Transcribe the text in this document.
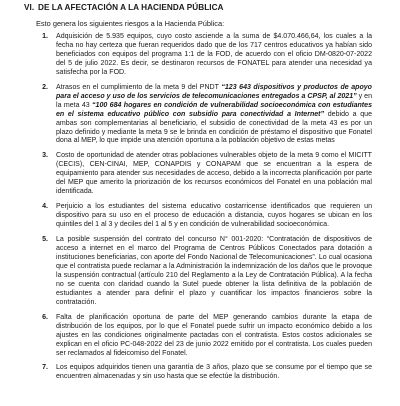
VI. DE LA AFECTACIÓN A LA HACIENDA PÚBLICA
Esto genera los siguientes riesgos a la Hacienda Pública:
1.	Adquisición de 5.935 equipos, cuyo costo asciende a la suma de $4.070.466,64, los cuales a la fecha no hay certeza que fueran requeridos dado que de los 717 centros educativos ya habían sido beneficiados con equipos del programa 1:1 de la FOD, de acuerdo con el oficio DM-0820-07-2022 del 5 de julio 2022. Es decir, se destinaron recursos de FONATEL para atender una necesidad ya satisfecha por la FOD.
2.	Atrasos en el cumplimiento de la meta 9 del PNDT “123 643 dispositivos y productos de apoyo para el acceso y uso de los servicios de telecomunicaciones entregados a CPSP, al 2021” y en la meta 43 “100 684 hogares en condición de vulnerabilidad socioeconómica con estudiantes en el sistema educativo público con subsidio para conectividad a Internet” debido a que ambas son complementarias al beneficiario, el subsidio de conectividad de la meta 43 es por un plazo definido y mediante la meta 9 se le brinda en condición de préstamo el dispositivo que Fonatel dona al MEP, lo que impide una atención oportuna a la población objetivo de estas metas
3.	Costo de oportunidad de atender otras poblaciones vulnerables objeto de la meta 9 como el MICITT (CECIS), CEN-CINAI, MEP, CONAPDIS y CONAPAM que se encuentran a la espera de equipamiento para atender sus necesidades de acceso, debido a la incorrecta planificación por parte del MEP que amerito la priorización de los recursos económicos del Fonatel en una población mal identificada.
4.	Perjuicio a los estudiantes del sistema educativo costarricense identificados que requieren un dispositivo para su uso en el proceso de educación a distancia, cuyos hogares se ubican en los quintiles del 1 al 3 y deciles del 1 al 5 y en condición de vulnerabilidad socioeconómica.
5.	La posible suspensión del contrato del concurso N° 001-2020: “Contratación de dispositivos de acceso a internet en el marco del Programa de Centros Públicos Conectados para dotación a instituciones beneficiarias, con aporte del Fondo Nacional de Telecomunicaciones”. Lo cual ocasiona que el contratista puede reclamar a la Administración la indemnización de los daños que le provoque la suspensión contractual (artículo 210 del Reglamento a la Ley de Contratación Pública). A la fecha no se cuenta con claridad cuando la Sutel puede obtener la lista definitiva de la población de estudiantes a atender para definir el plazo y cuantificar los impactos financieros sobre la contratación.
6.	Falta de planificación oportuna de parte del MEP generando cambios durante la etapa de distribución de los equipos, por lo que el Fonatel puede sufrir un impacto económico debido a los ajustes en las condiciones originalmente pactadas con el contratista. Estos costos adicionales se explican en el oficio PC-048-2022 del 23 de junio 2022 emitido por el contratista. Los cuales pueden ser reclamados al fideicomiso del Fonatel.
7.	Los equipos adquiridos tienen una garantía de 3 años, plazo que se consume por el tiempo que se encuentren almacenadas y sin uso hasta que se efectúe la distribución.
